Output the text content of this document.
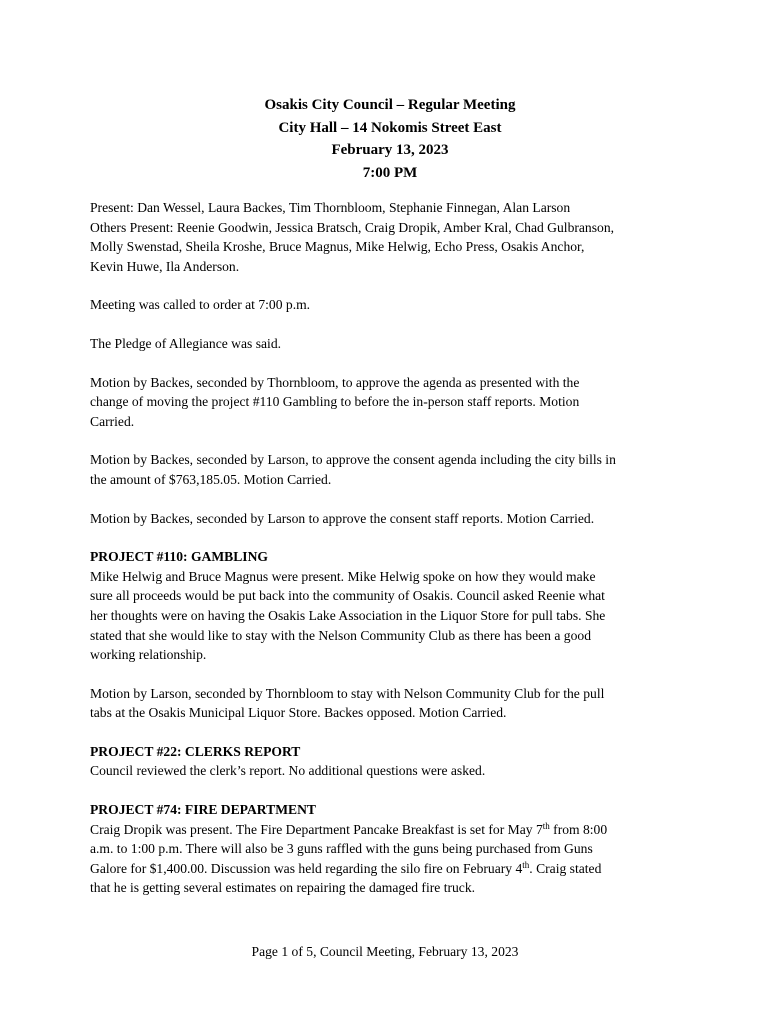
Osakis City Council – Regular Meeting
City Hall – 14 Nokomis Street East
February 13, 2023
7:00 PM

Present: Dan Wessel, Laura Backes, Tim Thornbloom, Stephanie Finnegan, Alan Larson
Others Present: Reenie Goodwin, Jessica Bratsch, Craig Dropik, Amber Kral, Chad Gulbranson,
Molly Swenstad, Sheila Kroshe, Bruce Magnus, Mike Helwig, Echo Press, Osakis Anchor,
Kevin Huwe, Ila Anderson.

Meeting was called to order at 7:00 p.m.

The Pledge of Allegiance was said.

Motion by Backes, seconded by Thornbloom, to approve the agenda as presented with the
change of moving the project #110 Gambling to before the in-person staff reports. Motion
Carried.

Motion by Backes, seconded by Larson, to approve the consent agenda including the city bills in
the amount of $763,185.05. Motion Carried.

Motion by Backes, seconded by Larson to approve the consent staff reports. Motion Carried.

PROJECT #110: GAMBLING
Mike Helwig and Bruce Magnus were present. Mike Helwig spoke on how they would make
sure all proceeds would be put back into the community of Osakis. Council asked Reenie what
her thoughts were on having the Osakis Lake Association in the Liquor Store for pull tabs. She
stated that she would like to stay with the Nelson Community Club as there has been a good
working relationship.

Motion by Larson, seconded by Thornbloom to stay with Nelson Community Club for the pull
tabs at the Osakis Municipal Liquor Store. Backes opposed. Motion Carried.

PROJECT #22: CLERKS REPORT
Council reviewed the clerk’s report. No additional questions were asked.

PROJECT #74: FIRE DEPARTMENT
Craig Dropik was present. The Fire Department Pancake Breakfast is set for May 7th from 8:00
a.m. to 1:00 p.m. There will also be 3 guns raffled with the guns being purchased from Guns
Galore for $1,400.00. Discussion was held regarding the silo fire on February 4th. Craig stated
that he is getting several estimates on repairing the damaged fire truck.

Page 1 of 5, Council Meeting, February 13, 2023
